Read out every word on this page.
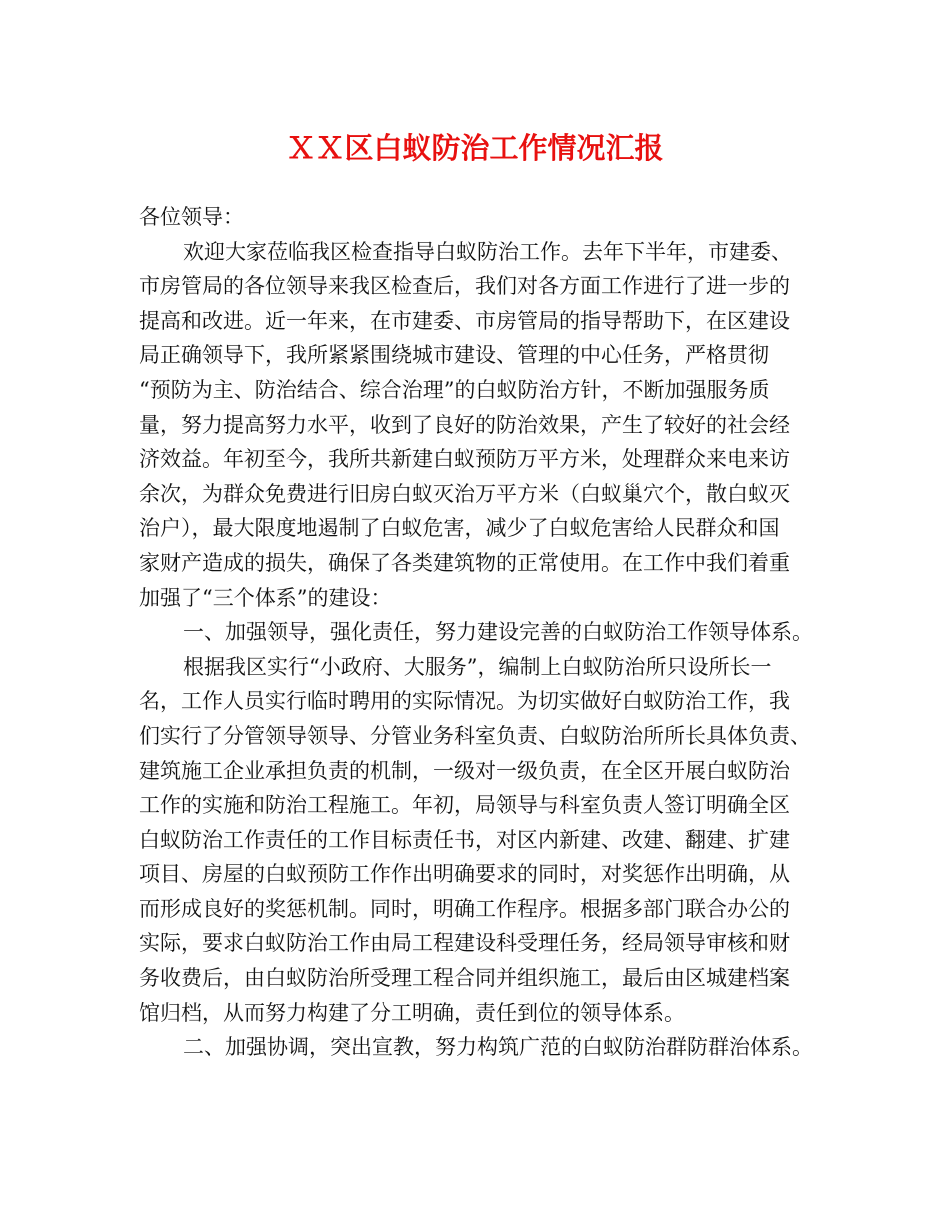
ＸＸ区白蚁防治工作情况汇报
各位领导：
欢迎大家莅临我区检查指导白蚁防治工作。去年下半年，市建委、
市房管局的各位领导来我区检查后，我们对各方面工作进行了进一步的
提高和改进。近一年来，在市建委、市房管局的指导帮助下，在区建设
局正确领导下，我所紧紧围绕城市建设、管理的中心任务，严格贯彻
“预防为主、防治结合、综合治理”的白蚁防治方针，不断加强服务质
量，努力提高努力水平，收到了良好的防治效果，产生了较好的社会经
济效益。年初至今，我所共新建白蚁预防万平方米，处理群众来电来访
余次，为群众免费进行旧房白蚁灭治万平方米（白蚁巢穴个，散白蚁灭
治户），最大限度地遏制了白蚁危害，减少了白蚁危害给人民群众和国
家财产造成的损失，确保了各类建筑物的正常使用。在工作中我们着重
加强了“三个体系”的建设：
一、加强领导，强化责任，努力建设完善的白蚁防治工作领导体系。
根据我区实行“小政府、大服务”，编制上白蚁防治所只设所长一
名，工作人员实行临时聘用的实际情况。为切实做好白蚁防治工作，我
们实行了分管领导领导、分管业务科室负责、白蚁防治所所长具体负责、
建筑施工企业承担负责的机制，一级对一级负责，在全区开展白蚁防治
工作的实施和防治工程施工。年初，局领导与科室负责人签订明确全区
白蚁防治工作责任的工作目标责任书，对区内新建、改建、翻建、扩建
项目、房屋的白蚁预防工作作出明确要求的同时，对奖惩作出明确，从
而形成良好的奖惩机制。同时，明确工作程序。根据多部门联合办公的
实际，要求白蚁防治工作由局工程建设科受理任务，经局领导审核和财
务收费后，由白蚁防治所受理工程合同并组织施工，最后由区城建档案
馆归档，从而努力构建了分工明确，责任到位的领导体系。
二、加强协调，突出宣教，努力构筑广范的白蚁防治群防群治体系。
